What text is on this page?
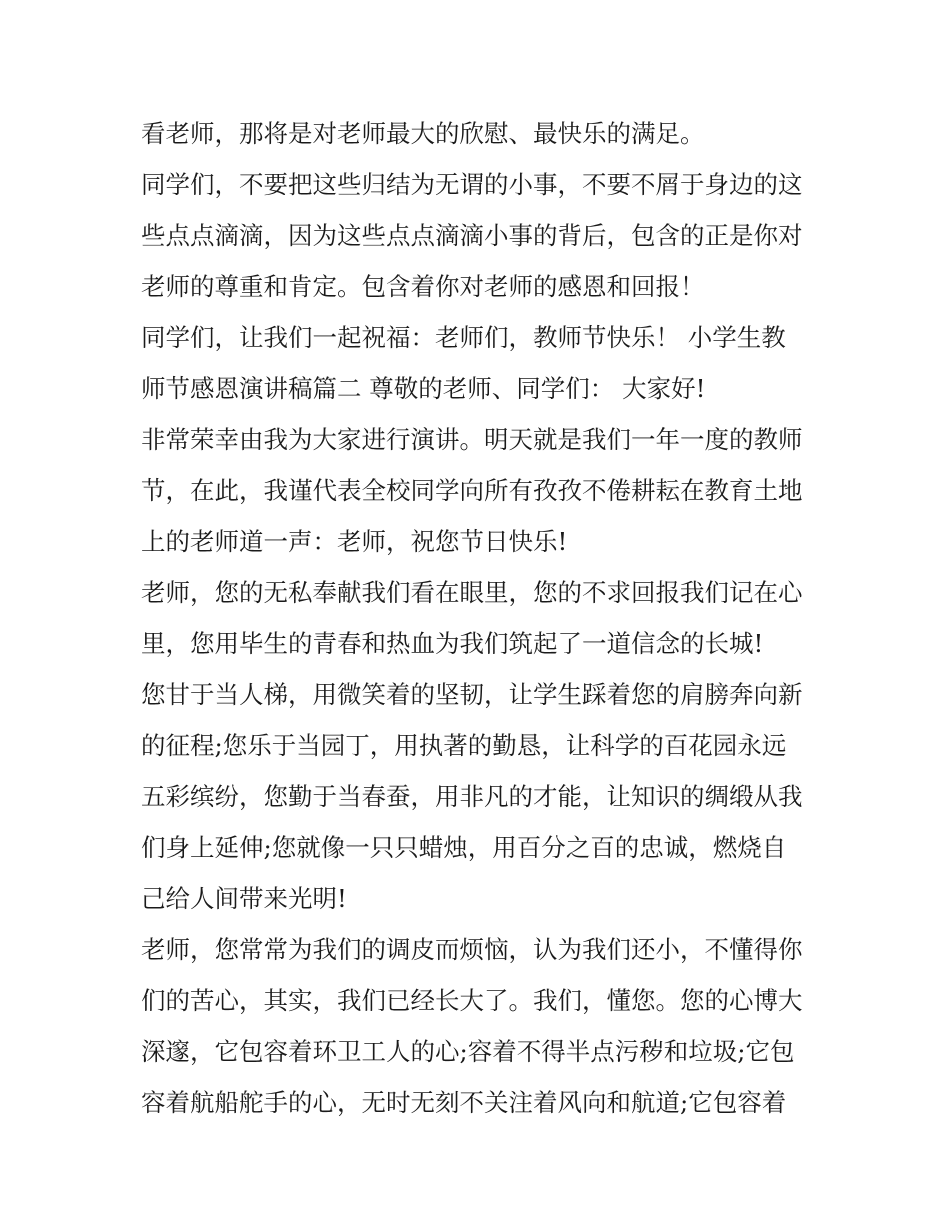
看老师，那将是对老师最大的欣慰、最快乐的满足。
同学们，不要把这些归结为无谓的小事，不要不屑于身边的这
些点点滴滴，因为这些点点滴滴小事的背后，包含的正是你对
老师的尊重和肯定。包含着你对老师的感恩和回报！
同学们，让我们一起祝福：老师们，教师节快乐！ 小学生教
师节感恩演讲稿篇二 尊敬的老师、同学们： 大家好!
非常荣幸由我为大家进行演讲。明天就是我们一年一度的教师
节，在此，我谨代表全校同学向所有孜孜不倦耕耘在教育土地
上的老师道一声：老师，祝您节日快乐!
老师，您的无私奉献我们看在眼里，您的不求回报我们记在心
里，您用毕生的青春和热血为我们筑起了一道信念的长城!
您甘于当人梯，用微笑着的坚韧，让学生踩着您的肩膀奔向新
的征程;您乐于当园丁，用执著的勤恳，让科学的百花园永远
五彩缤纷，您勤于当春蚕，用非凡的才能，让知识的绸缎从我
们身上延伸;您就像一只只蜡烛，用百分之百的忠诚，燃烧自
己给人间带来光明!
老师，您常常为我们的调皮而烦恼，认为我们还小，不懂得你
们的苦心，其实，我们已经长大了。我们，懂您。您的心博大
深邃，它包容着环卫工人的心;容着不得半点污秽和垃圾;它包
容着航船舵手的心，无时无刻不关注着风向和航道;它包容着
